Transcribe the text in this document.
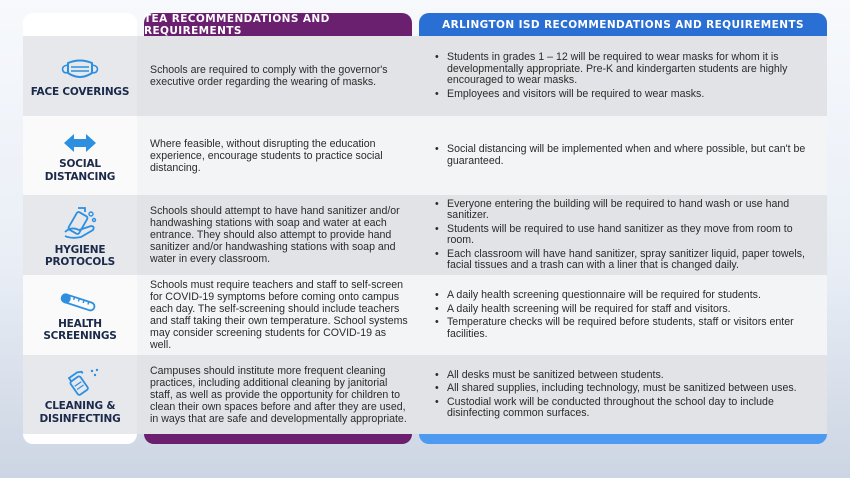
TEA RECOMMENDATIONS AND REQUIREMENTS	ARLINGTON ISD RECOMMENDATIONS AND REQUIREMENTS
FACE COVERINGS
Schools are required to comply with the governor's executive order regarding the wearing of masks.
• Students in grades 1 – 12 will be required to wear masks for whom it is developmentally appropriate. Pre-K and kindergarten students are highly encouraged to wear masks.
• Employees and visitors will be required to wear masks.
SOCIAL DISTANCING
Where feasible, without disrupting the education experience, encourage students to practice social distancing.
• Social distancing will be implemented when and where possible, but can't be guaranteed.
HYGIENE PROTOCOLS
Schools should attempt to have hand sanitizer and/or handwashing stations with soap and water at each entrance. They should also attempt to provide hand sanitizer and/or handwashing stations with soap and water in every classroom.
• Everyone entering the building will be required to hand wash or use hand sanitizer.
• Students will be required to use hand sanitizer as they move from room to room.
• Each classroom will have hand sanitizer, spray sanitizer liquid, paper towels, facial tissues and a trash can with a liner that is changed daily.
HEALTH SCREENINGS
Schools must require teachers and staff to self-screen for COVID-19 symptoms before coming onto campus each day. The self-screening should include teachers and staff taking their own temperature. School systems may consider screening students for COVID-19 as well.
• A daily health screening questionnaire will be required for students.
• A daily health screening will be required for staff and visitors.
• Temperature checks will be required before students, staff or visitors enter facilities.
CLEANING &
DISINFECTING
Campuses should institute more frequent cleaning practices, including additional cleaning by janitorial staff, as well as provide the opportunity for children to clean their own spaces before and after they are used, in ways that are safe and developmentally appropriate.
• All desks must be sanitized between students.
• All shared supplies, including technology, must be sanitized between uses.
• Custodial work will be conducted throughout the school day to include disinfecting common surfaces.
